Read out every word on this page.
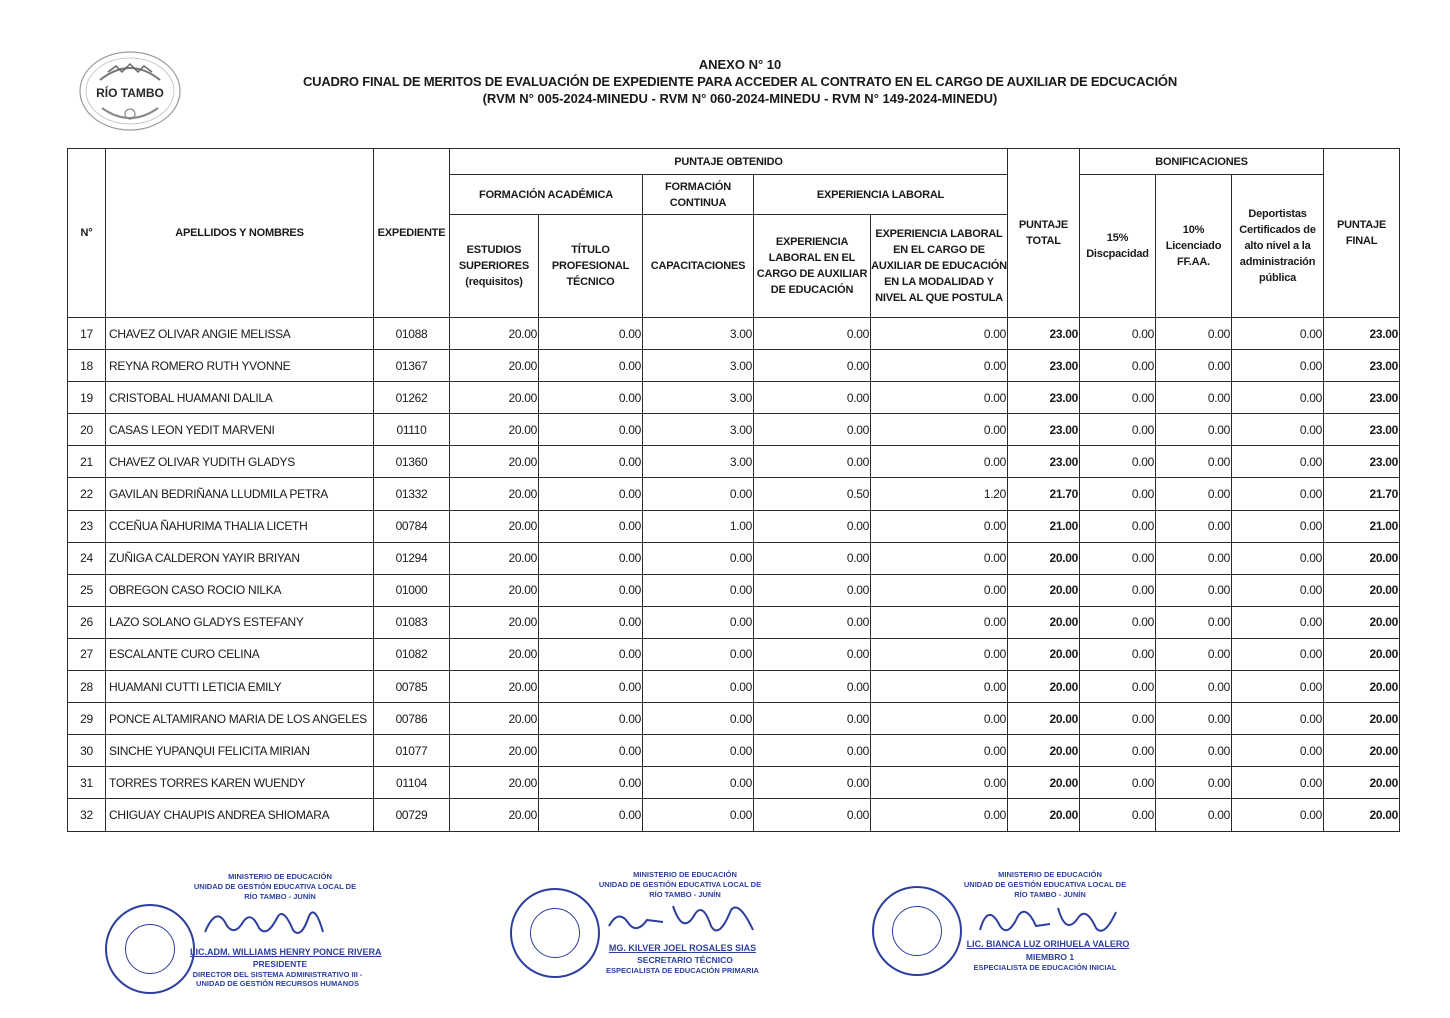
RÍO TAMBO
ANEXO N° 10
CUADRO FINAL DE MERITOS DE EVALUACIÓN DE EXPEDIENTE PARA ACCEDER AL CONTRATO EN EL CARGO DE AUXILIAR DE EDCUCACIÓN
(RVM N° 005-2024-MINEDU - RVM N° 060-2024-MINEDU - RVM N° 149-2024-MINEDU)
N°	APELLIDOS Y NOMBRES	EXPEDIENTE	PUNTAJE OBTENIDO					PUNTAJE TOTAL	BONIFICACIONES			PUNTAJE FINAL
			FORMACIÓN ACADÉMICA		FORMACIÓN CONTINUA	EXPERIENCIA LABORAL			15% Discpacidad	10% Licenciado FF.AA.	Deportistas Certificados de alto nivel a la administración pública	
			ESTUDIOS SUPERIORES (requisitos)	TÍTULO PROFESIONAL TÉCNICO	CAPACITACIONES	EXPERIENCIA LABORAL EN EL CARGO DE AUXILIAR DE EDUCACIÓN	EXPERIENCIA LABORAL EN EL CARGO DE AUXILIAR DE EDUCACIÓN EN LA MODALIDAD Y NIVEL AL QUE POSTULA					
17	CHAVEZ OLIVAR ANGIE MELISSA	01088	20.00	0.00	3.00	0.00	0.00	23.00	0.00	0.00	0.00	23.00
18	REYNA ROMERO RUTH YVONNE	01367	20.00	0.00	3.00	0.00	0.00	23.00	0.00	0.00	0.00	23.00
19	CRISTOBAL HUAMANI DALILA	01262	20.00	0.00	3.00	0.00	0.00	23.00	0.00	0.00	0.00	23.00
20	CASAS LEON YEDIT MARVENI	01110	20.00	0.00	3.00	0.00	0.00	23.00	0.00	0.00	0.00	23.00
21	CHAVEZ OLIVAR YUDITH GLADYS	01360	20.00	0.00	3.00	0.00	0.00	23.00	0.00	0.00	0.00	23.00
22	GAVILAN BEDRIÑANA LLUDMILA PETRA	01332	20.00	0.00	0.00	0.50	1.20	21.70	0.00	0.00	0.00	21.70
23	CCEÑUA ÑAHURIMA THALIA LICETH	00784	20.00	0.00	1.00	0.00	0.00	21.00	0.00	0.00	0.00	21.00
24	ZUÑIGA CALDERON YAYIR BRIYAN	01294	20.00	0.00	0.00	0.00	0.00	20.00	0.00	0.00	0.00	20.00
25	OBREGON CASO ROCIO NILKA	01000	20.00	0.00	0.00	0.00	0.00	20.00	0.00	0.00	0.00	20.00
26	LAZO SOLANO GLADYS ESTEFANY	01083	20.00	0.00	0.00	0.00	0.00	20.00	0.00	0.00	0.00	20.00
27	ESCALANTE CURO CELINA	01082	20.00	0.00	0.00	0.00	0.00	20.00	0.00	0.00	0.00	20.00
28	HUAMANI CUTTI LETICIA EMILY	00785	20.00	0.00	0.00	0.00	0.00	20.00	0.00	0.00	0.00	20.00
29	PONCE ALTAMIRANO MARIA DE LOS ANGELES	00786	20.00	0.00	0.00	0.00	0.00	20.00	0.00	0.00	0.00	20.00
30	SINCHE YUPANQUI FELICITA MIRIAN	01077	20.00	0.00	0.00	0.00	0.00	20.00	0.00	0.00	0.00	20.00
31	TORRES TORRES KAREN WUENDY	01104	20.00	0.00	0.00	0.00	0.00	20.00	0.00	0.00	0.00	20.00
32	CHIGUAY CHAUPIS ANDREA SHIOMARA	00729	20.00	0.00	0.00	0.00	0.00	20.00	0.00	0.00	0.00	20.00
MINISTERIO DE EDUCACIÓN
UNIDAD DE GESTIÓN EDUCATIVA LOCAL DE
RÍO TAMBO - JUNÍN
LIC.ADM. WILLIAMS HENRY PONCE RIVERA
PRESIDENTE
DIRECTOR DEL SISTEMA ADMINISTRATIVO III -
UNIDAD DE GESTIÓN RECURSOS HUMANOS
MINISTERIO DE EDUCACIÓN
UNIDAD DE GESTIÓN EDUCATIVA LOCAL DE
RÍO TAMBO - JUNÍN
MG. KILVER JOEL ROSALES SIAS
SECRETARIO TÉCNICO
ESPECIALISTA DE EDUCACIÓN PRIMARIA
MINISTERIO DE EDUCACIÓN
UNIDAD DE GESTIÓN EDUCATIVA LOCAL DE
RÍO TAMBO - JUNÍN
LIC. BIANCA LUZ ORIHUELA VALERO
MIEMBRO 1
ESPECIALISTA DE EDUCACIÓN INICIAL
